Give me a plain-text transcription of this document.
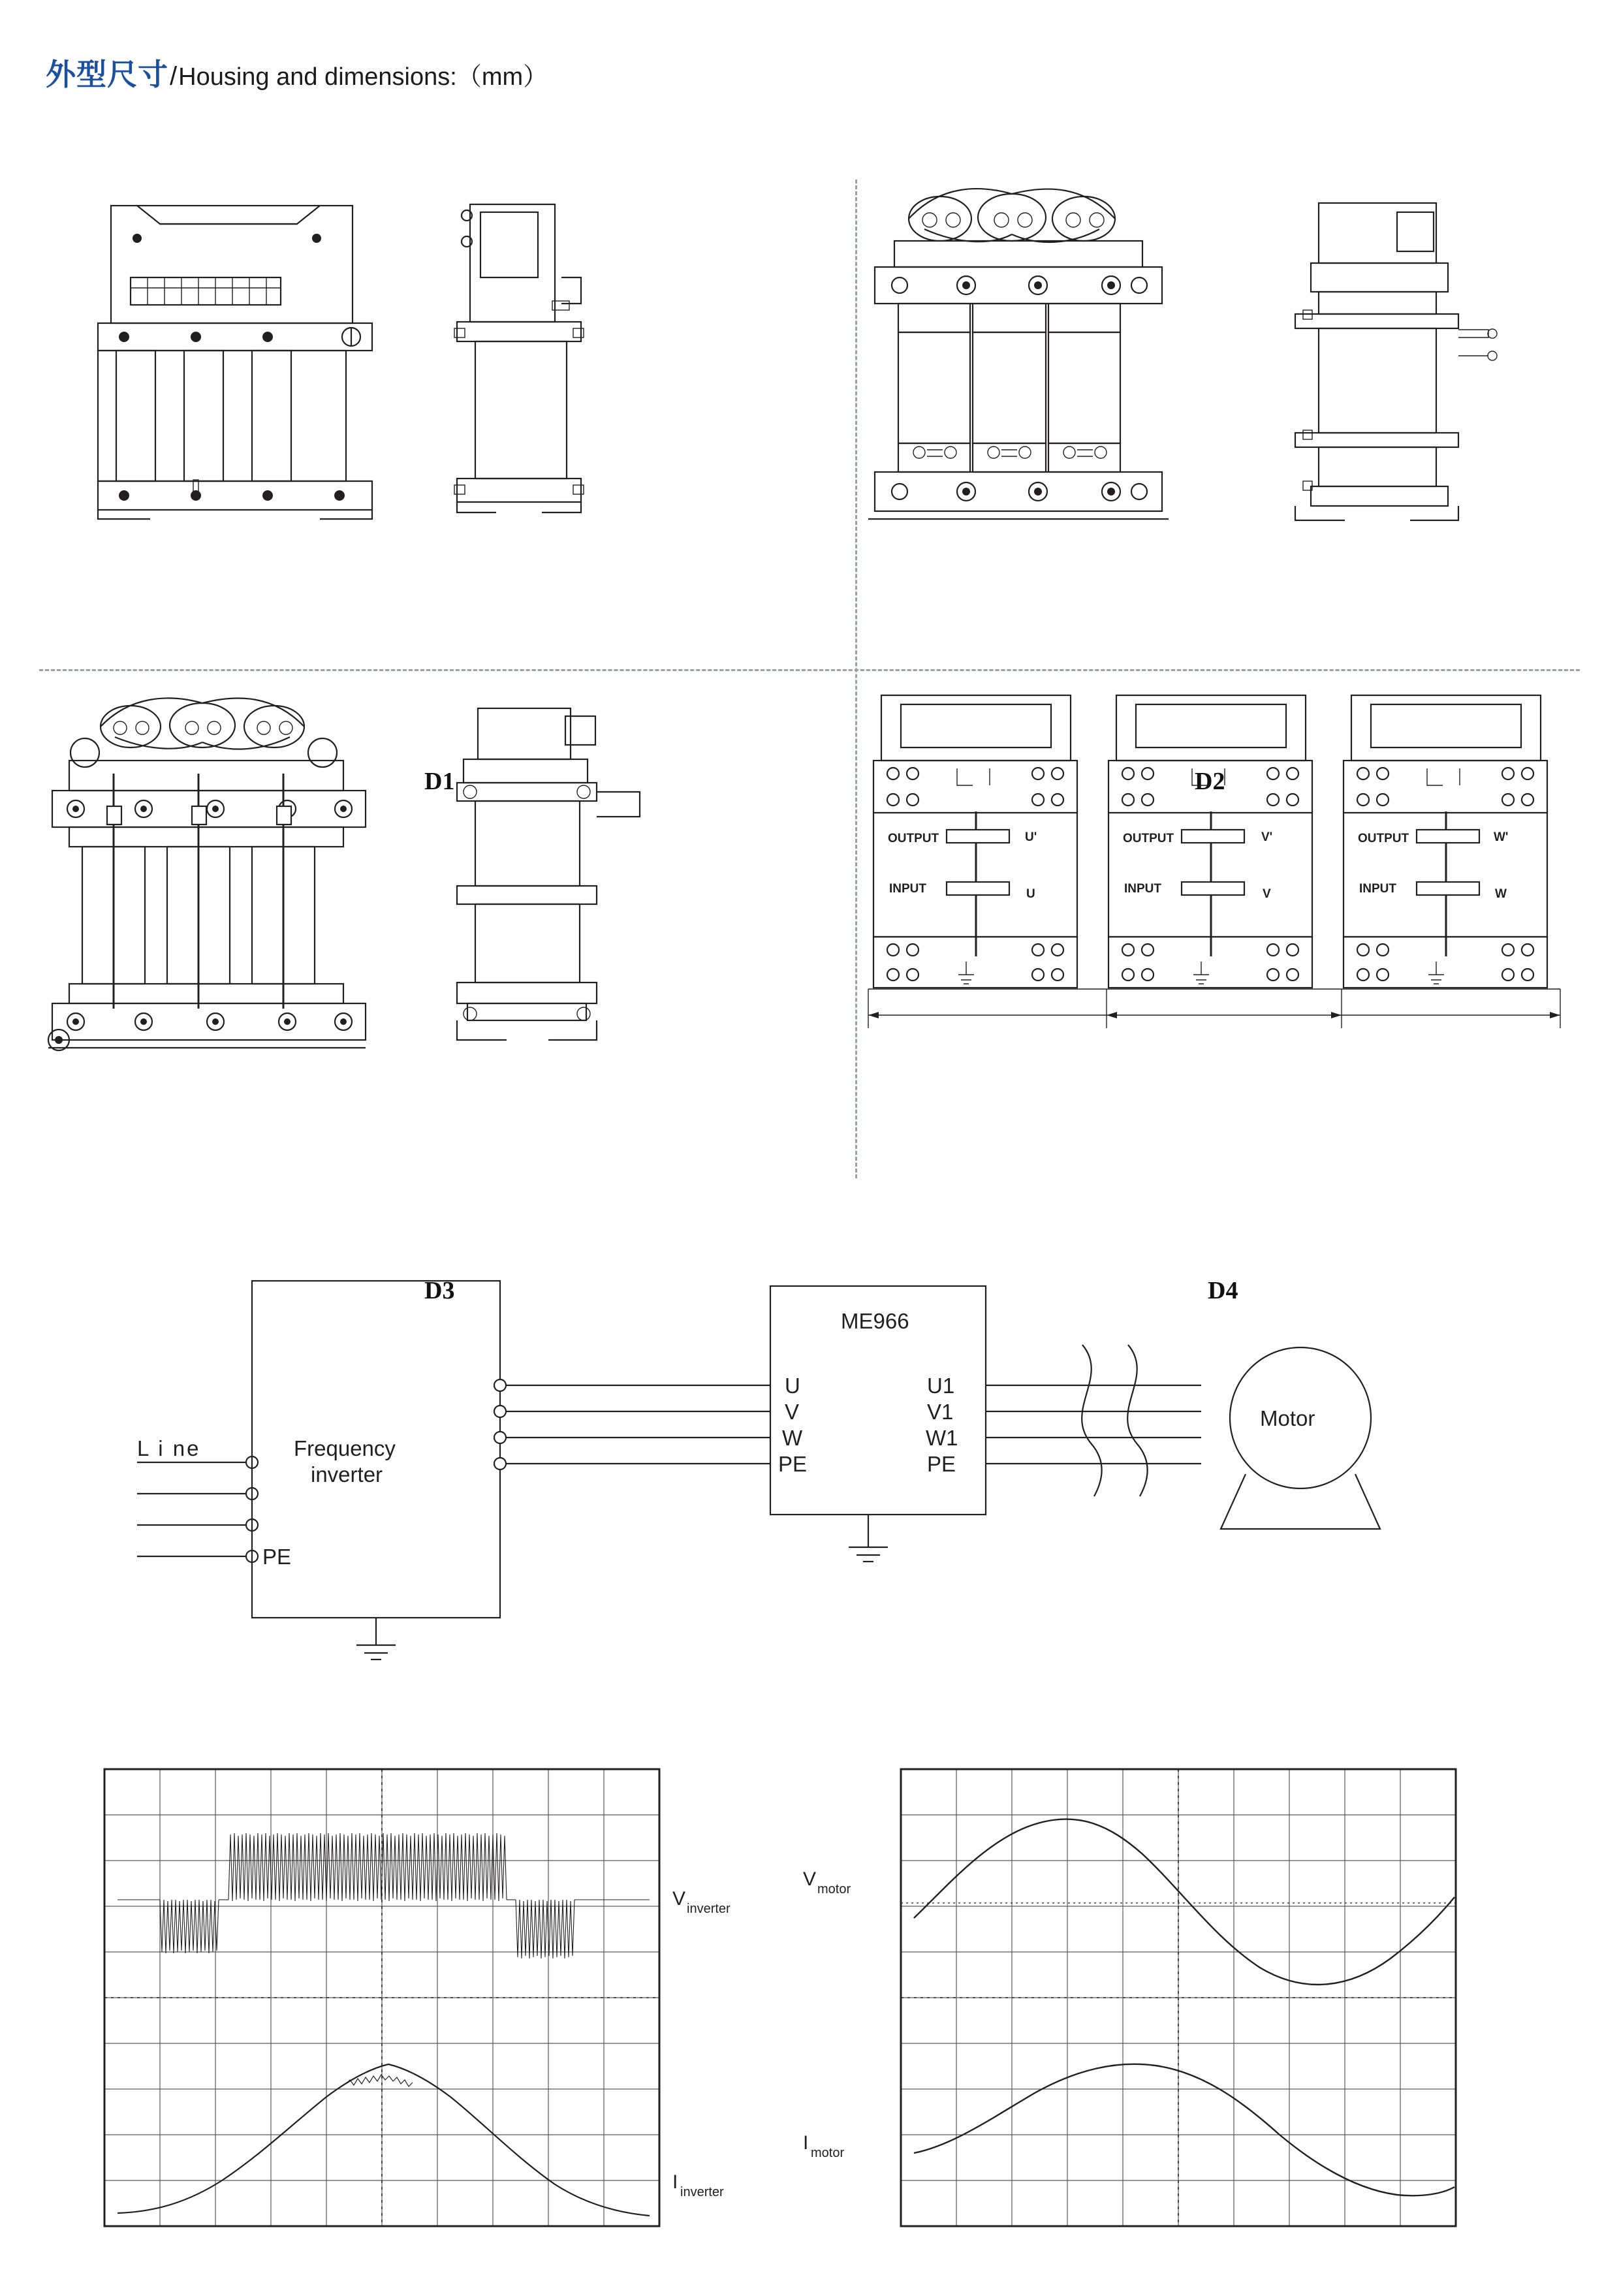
外型尺寸 / Housing and dimensions:（mm）
OUTPUT	U'
INPUT	U
OUTPUT	V'
INPUT	V
OUTPUT	W'
INPUT	W
D1	D2
D3	D4
L i ne
PE
Frequency
inverter
ME966
U
V
W
PE
U1
V1
W1
PE
Motor
V inverter
I inverter
V motor
I motor
